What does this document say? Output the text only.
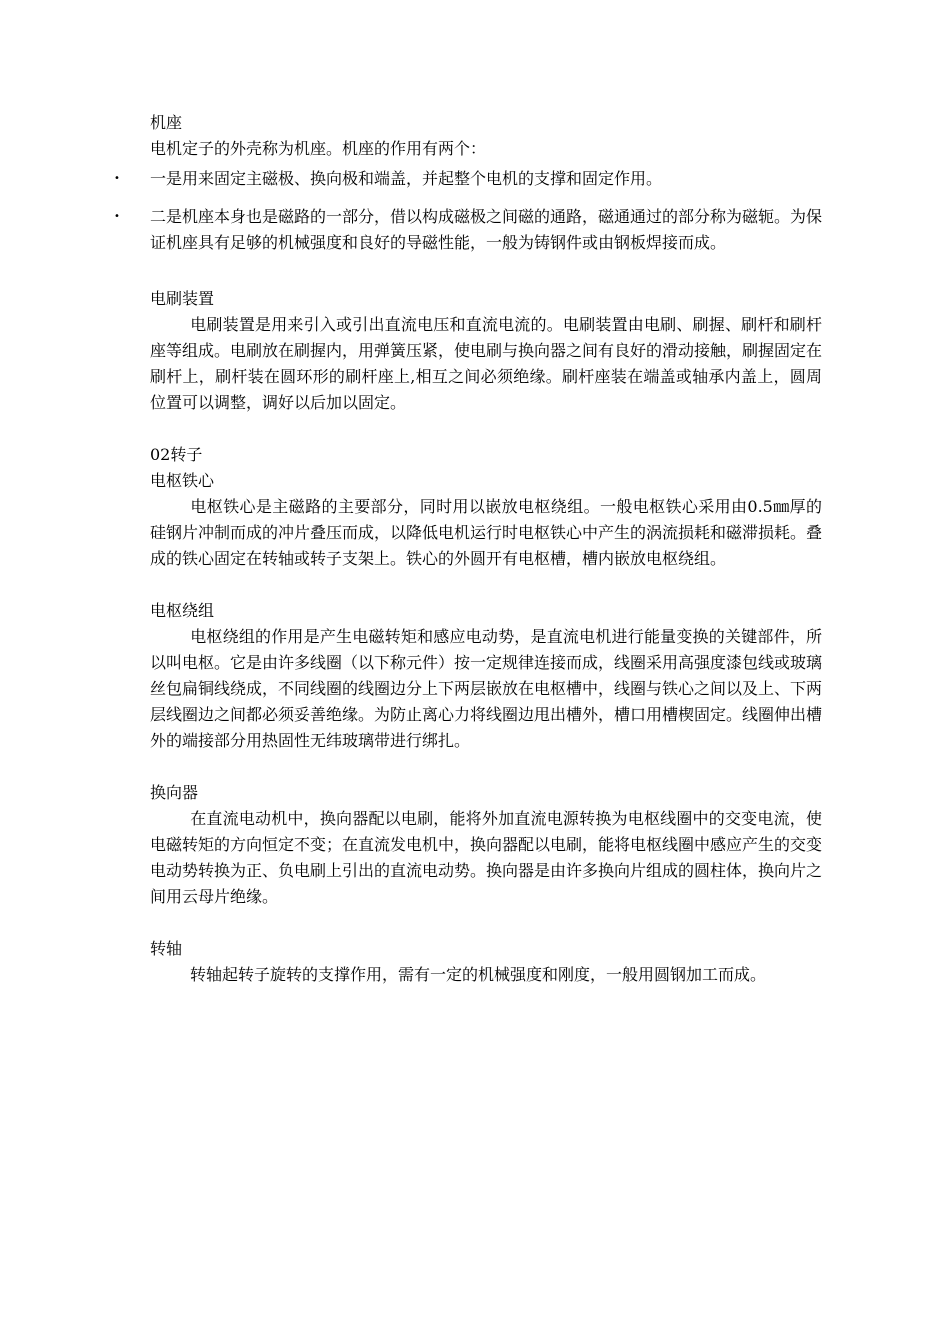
机座
电机定子的外壳称为机座。机座的作用有两个：
• 一是用来固定主磁极、换向极和端盖，并起整个电机的支撑和固定作用。
• 二是机座本身也是磁路的一部分，借以构成磁极之间磁的通路，磁通通过的部分称为磁轭。为保证机座具有足够的机械强度和良好的导磁性能，一般为铸钢件或由钢板焊接而成。
电刷装置
电刷装置是用来引入或引出直流电压和直流电流的。电刷装置由电刷、刷握、刷杆和刷杆座等组成。电刷放在刷握内，用弹簧压紧，使电刷与换向器之间有良好的滑动接触，刷握固定在刷杆上，刷杆装在圆环形的刷杆座上,相互之间必须绝缘。刷杆座装在端盖或轴承内盖上，圆周位置可以调整，调好以后加以固定。
02转子
电枢铁心
电枢铁心是主磁路的主要部分，同时用以嵌放电枢绕组。一般电枢铁心采用由0.5㎜厚的硅钢片冲制而成的冲片叠压而成，以降低电机运行时电枢铁心中产生的涡流损耗和磁滞损耗。叠成的铁心固定在转轴或转子支架上。铁心的外圆开有电枢槽，槽内嵌放电枢绕组。
电枢绕组
电枢绕组的作用是产生电磁转矩和感应电动势，是直流电机进行能量变换的关键部件，所以叫电枢。它是由许多线圈（以下称元件）按一定规律连接而成，线圈采用高强度漆包线或玻璃丝包扁铜线绕成，不同线圈的线圈边分上下两层嵌放在电枢槽中，线圈与铁心之间以及上、下两层线圈边之间都必须妥善绝缘。为防止离心力将线圈边甩出槽外，槽口用槽楔固定。线圈伸出槽外的端接部分用热固性无纬玻璃带进行绑扎。
换向器
在直流电动机中，换向器配以电刷，能将外加直流电源转换为电枢线圈中的交变电流，使电磁转矩的方向恒定不变；在直流发电机中，换向器配以电刷，能将电枢线圈中感应产生的交变电动势转换为正、负电刷上引出的直流电动势。换向器是由许多换向片组成的圆柱体，换向片之间用云母片绝缘。
转轴
转轴起转子旋转的支撑作用，需有一定的机械强度和刚度，一般用圆钢加工而成。
